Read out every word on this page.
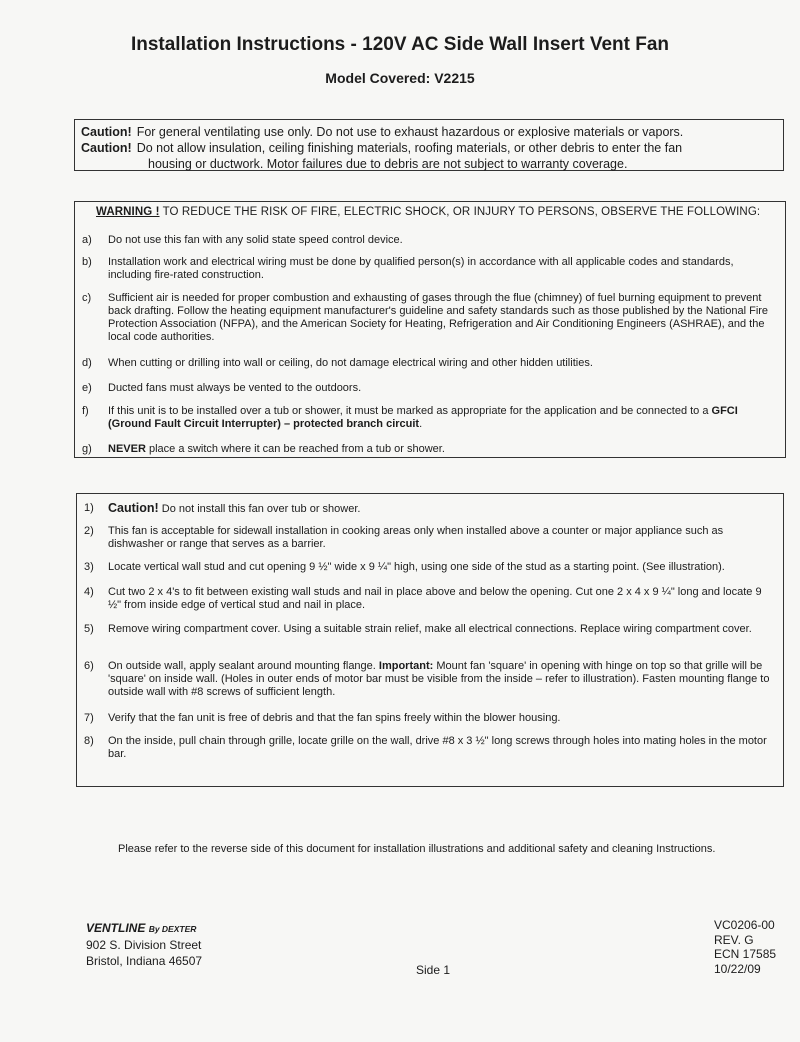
Installation Instructions - 120V AC Side Wall Insert Vent Fan
Model Covered: V2215
Caution! For general ventilating use only. Do not use to exhaust hazardous or explosive materials or vapors.
Caution! Do not allow insulation, ceiling finishing materials, roofing materials, or other debris to enter the fan
housing or ductwork. Motor failures due to debris are not subject to warranty coverage.
WARNING ! TO REDUCE THE RISK OF FIRE, ELECTRIC SHOCK, OR INJURY TO PERSONS, OBSERVE THE FOLLOWING:
a)	Do not use this fan with any solid state speed control device.
b)	Installation work and electrical wiring must be done by qualified person(s) in accordance with all applicable codes and standards, including fire-rated construction.
c)	Sufficient air is needed for proper combustion and exhausting of gases through the flue (chimney) of fuel burning equipment to prevent back drafting. Follow the heating equipment manufacturer's guideline and safety standards such as those published by the National Fire Protection Association (NFPA), and the American Society for Heating, Refrigeration and Air Conditioning Engineers (ASHRAE), and the local code authorities.
d)	When cutting or drilling into wall or ceiling, do not damage electrical wiring and other hidden utilities.
e)	Ducted fans must always be vented to the outdoors.
f)	If this unit is to be installed over a tub or shower, it must be marked as appropriate for the application and be connected to a GFCI (Ground Fault Circuit Interrupter) – protected branch circuit.
g)	NEVER place a switch where it can be reached from a tub or shower.
1)	Caution! Do not install this fan over tub or shower.
2)	This fan is acceptable for sidewall installation in cooking areas only when installed above a counter or major appliance such as dishwasher or range that serves as a barrier.
3)	Locate vertical wall stud and cut opening 9 ½" wide x 9 ¼" high, using one side of the stud as a starting point. (See illustration).
4)	Cut two 2 x 4's to fit between existing wall studs and nail in place above and below the opening. Cut one 2 x 4 x 9 ¼" long and locate 9 ½" from inside edge of vertical stud and nail in place.
5)	Remove wiring compartment cover. Using a suitable strain relief, make all electrical connections. Replace wiring compartment cover.
6)	On outside wall, apply sealant around mounting flange. Important: Mount fan 'square' in opening with hinge on top so that grille will be 'square' on inside wall. (Holes in outer ends of motor bar must be visible from the inside – refer to illustration). Fasten mounting flange to outside wall with #8 screws of sufficient length.
7)	Verify that the fan unit is free of debris and that the fan spins freely within the blower housing.
8)	On the inside, pull chain through grille, locate grille on the wall, drive #8 x 3 ½" long screws through holes into mating holes in the motor bar.
Please refer to the reverse side of this document for installation illustrations and additional safety and cleaning Instructions.
VENTLINE By DEXTER
902 S. Division Street
Bristol, Indiana 46507
Side 1
VC0206-00
REV. G
ECN 17585
10/22/09
